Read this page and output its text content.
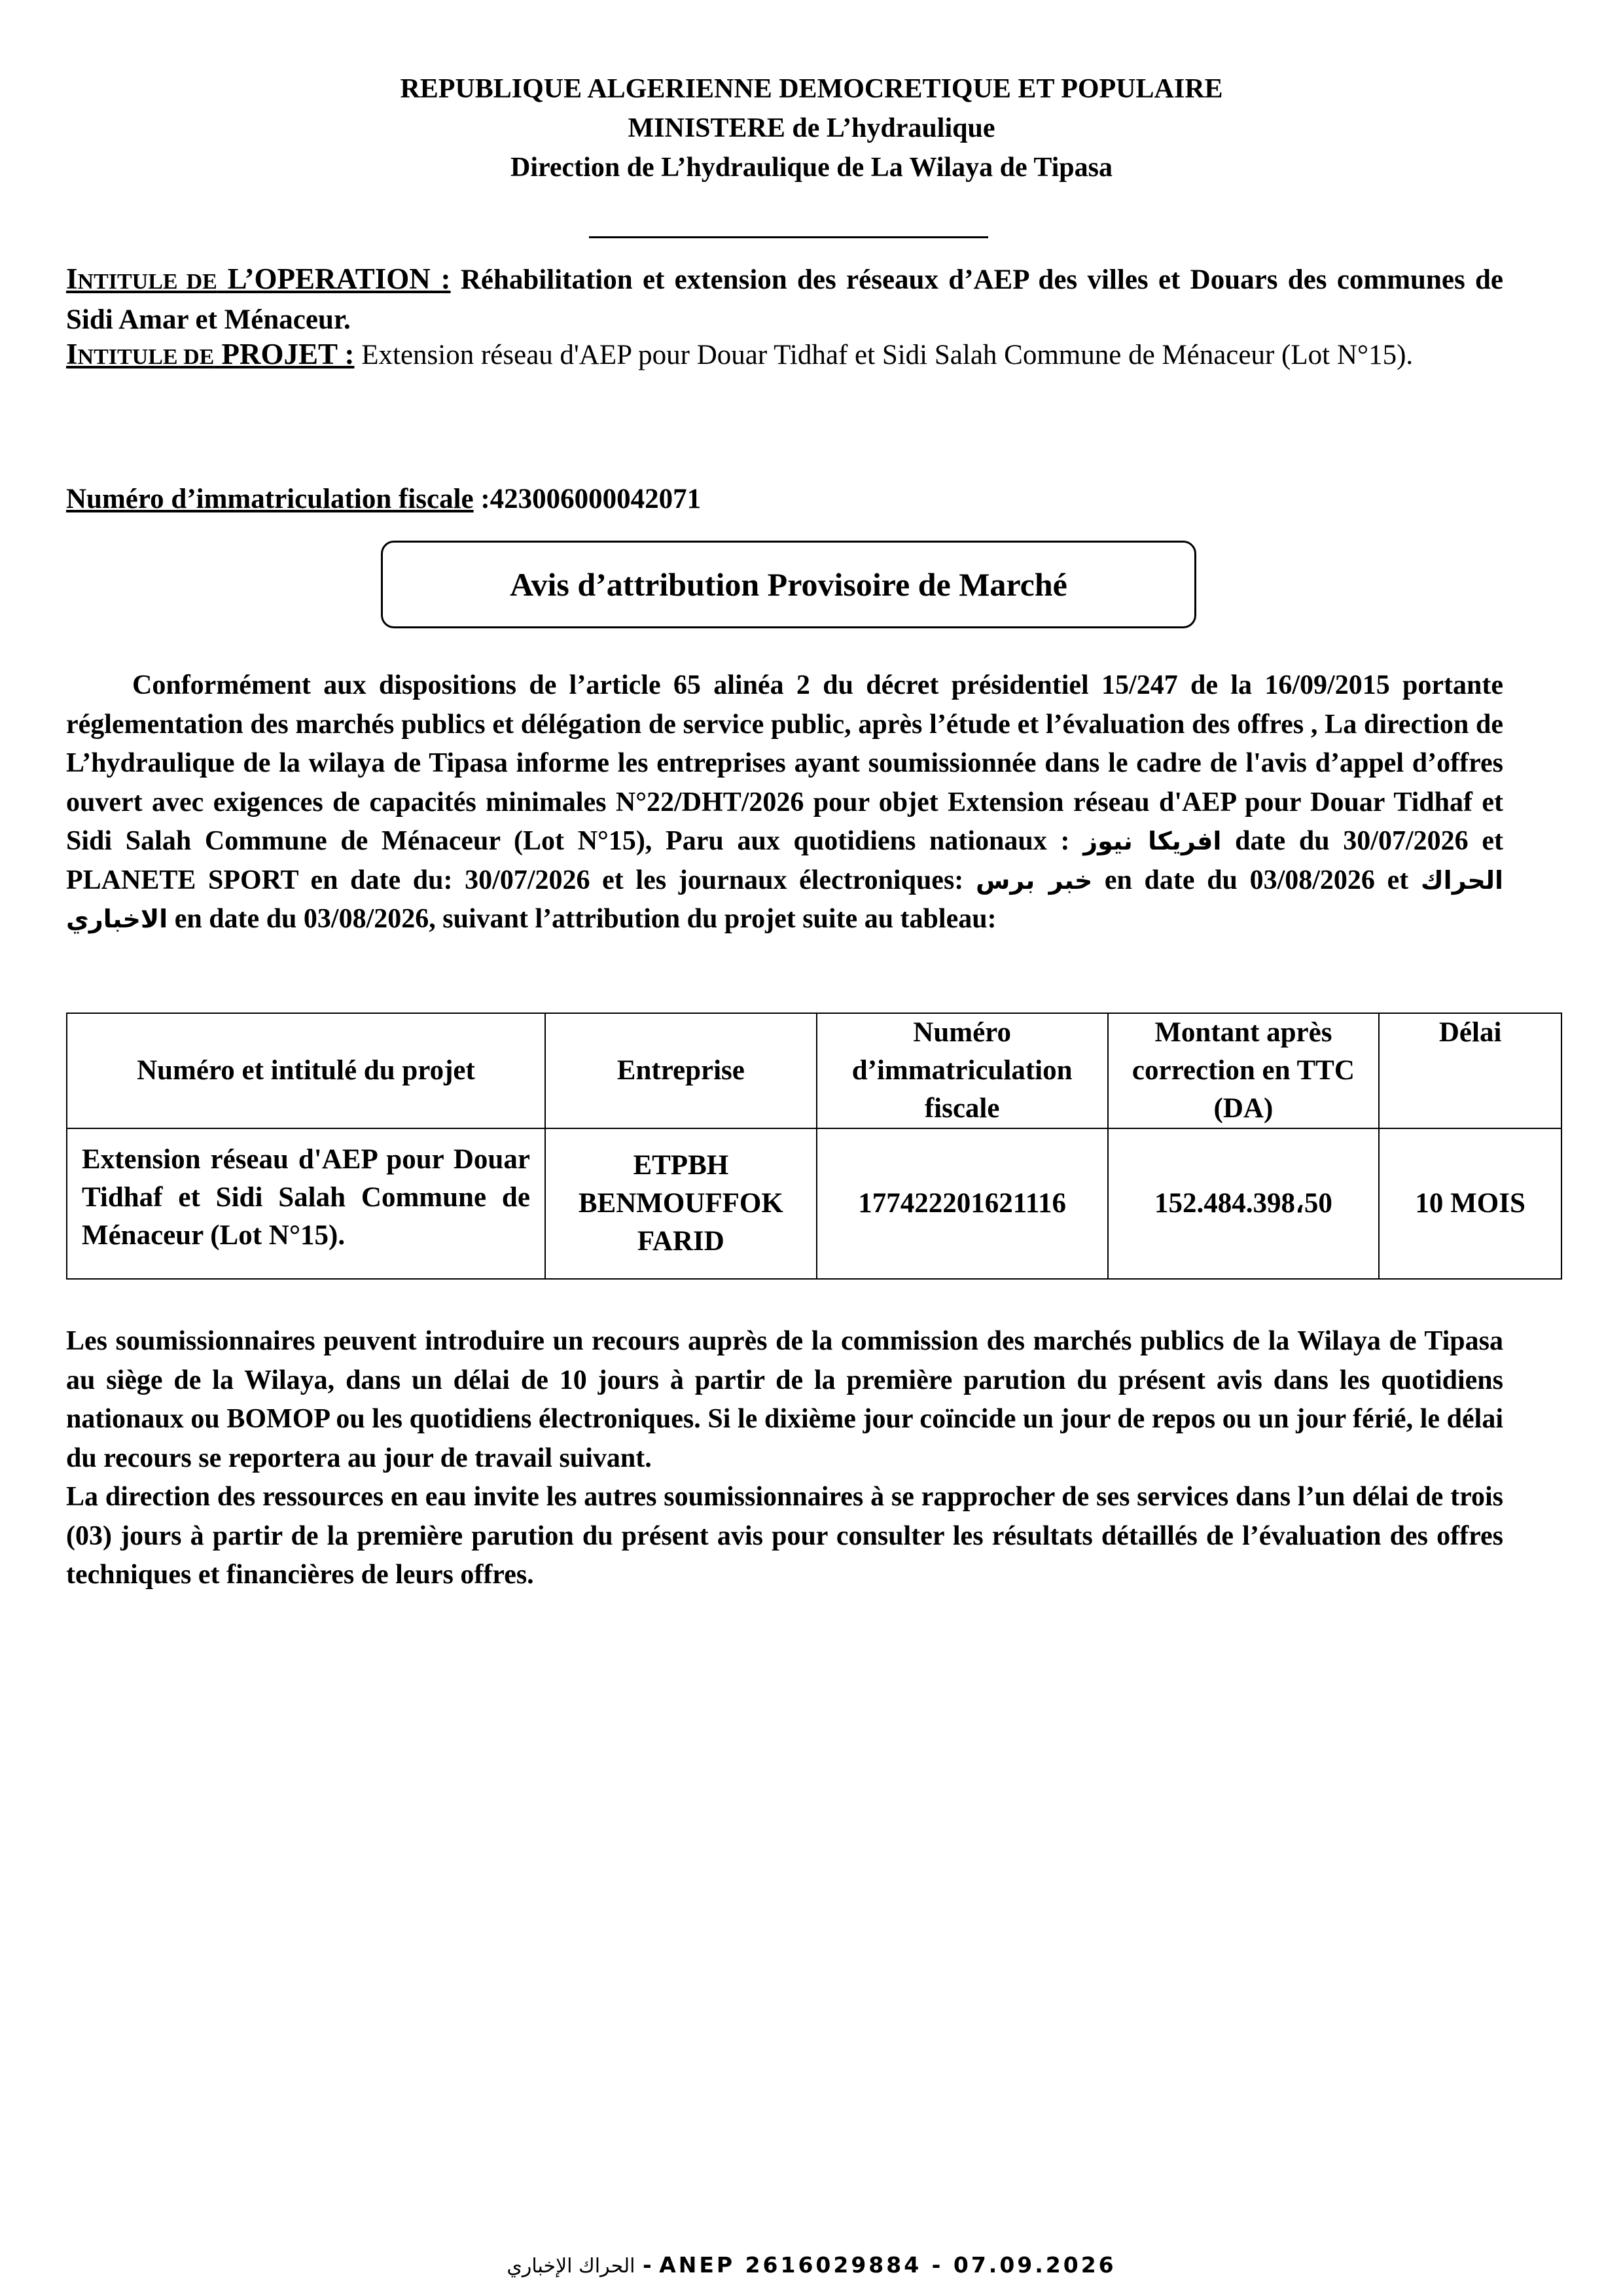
REPUBLIQUE ALGERIENNE DEMOCRETIQUE ET POPULAIRE
MINISTERE de L’hydraulique
Direction de L’hydraulique de La Wilaya de Tipasa
INTITULE DE L’OPERATION : Réhabilitation et extension des réseaux d’AEP des villes et Douars des communes de Sidi Amar et Ménaceur.
INTITULE DE PROJET : Extension réseau d'AEP pour Douar Tidhaf et Sidi Salah Commune de Ménaceur (Lot N°15).
Numéro d’immatriculation fiscale :423006000042071
Avis d’attribution Provisoire de Marché

Conformément aux dispositions de l’article 65 alinéa 2 du décret présidentiel 15/247 de la 16/09/2015 portante réglementation des marchés publics et délégation de service public, après l’étude et l’évaluation des offres , La direction de L’hydraulique de la wilaya de Tipasa informe les entreprises ayant soumissionnée dans le cadre de l'avis d’appel d’offres ouvert avec exigences de capacités minimales N°22/DHT/2026 pour objet Extension réseau d'AEP pour Douar Tidhaf et Sidi Salah Commune de Ménaceur (Lot N°15), Paru aux quotidiens nationaux : افريكا نيوز date du 30/07/2026 et PLANETE SPORT en date du: 30/07/2026 et les journaux électroniques: خبر برس en date du 03/08/2026 et الحراك الاخباري en date du 03/08/2026, suivant l’attribution du projet suite au tableau:

Numéro et intitulé du projet	Entreprise	Numéro d’immatriculation fiscale	Montant après correction en TTC (DA)	Délai
Extension réseau d'AEP pour Douar Tidhaf et Sidi Salah Commune de Ménaceur (Lot N°15).	ETPBH BENMOUFFOK FARID	177422201621116	152.484.398،50	10 MOIS

Les soumissionnaires peuvent introduire un recours auprès de la commission des marchés publics de la Wilaya de Tipasa au siège de la Wilaya, dans un délai de 10 jours à partir de la première parution du présent avis dans les quotidiens nationaux ou BOMOP ou les quotidiens électroniques. Si le dixième jour coïncide un jour de repos ou un jour férié, le délai du recours se reportera au jour de travail suivant.

La direction des ressources en eau invite les autres soumissionnaires à se rapprocher de ses services dans l’un délai de trois (03) jours à partir de la première parution du présent avis pour consulter les résultats détaillés de l’évaluation des offres techniques et financières de leurs offres.

الحراك الإخباري - ANEP 2616029884 - 07.09.2026
